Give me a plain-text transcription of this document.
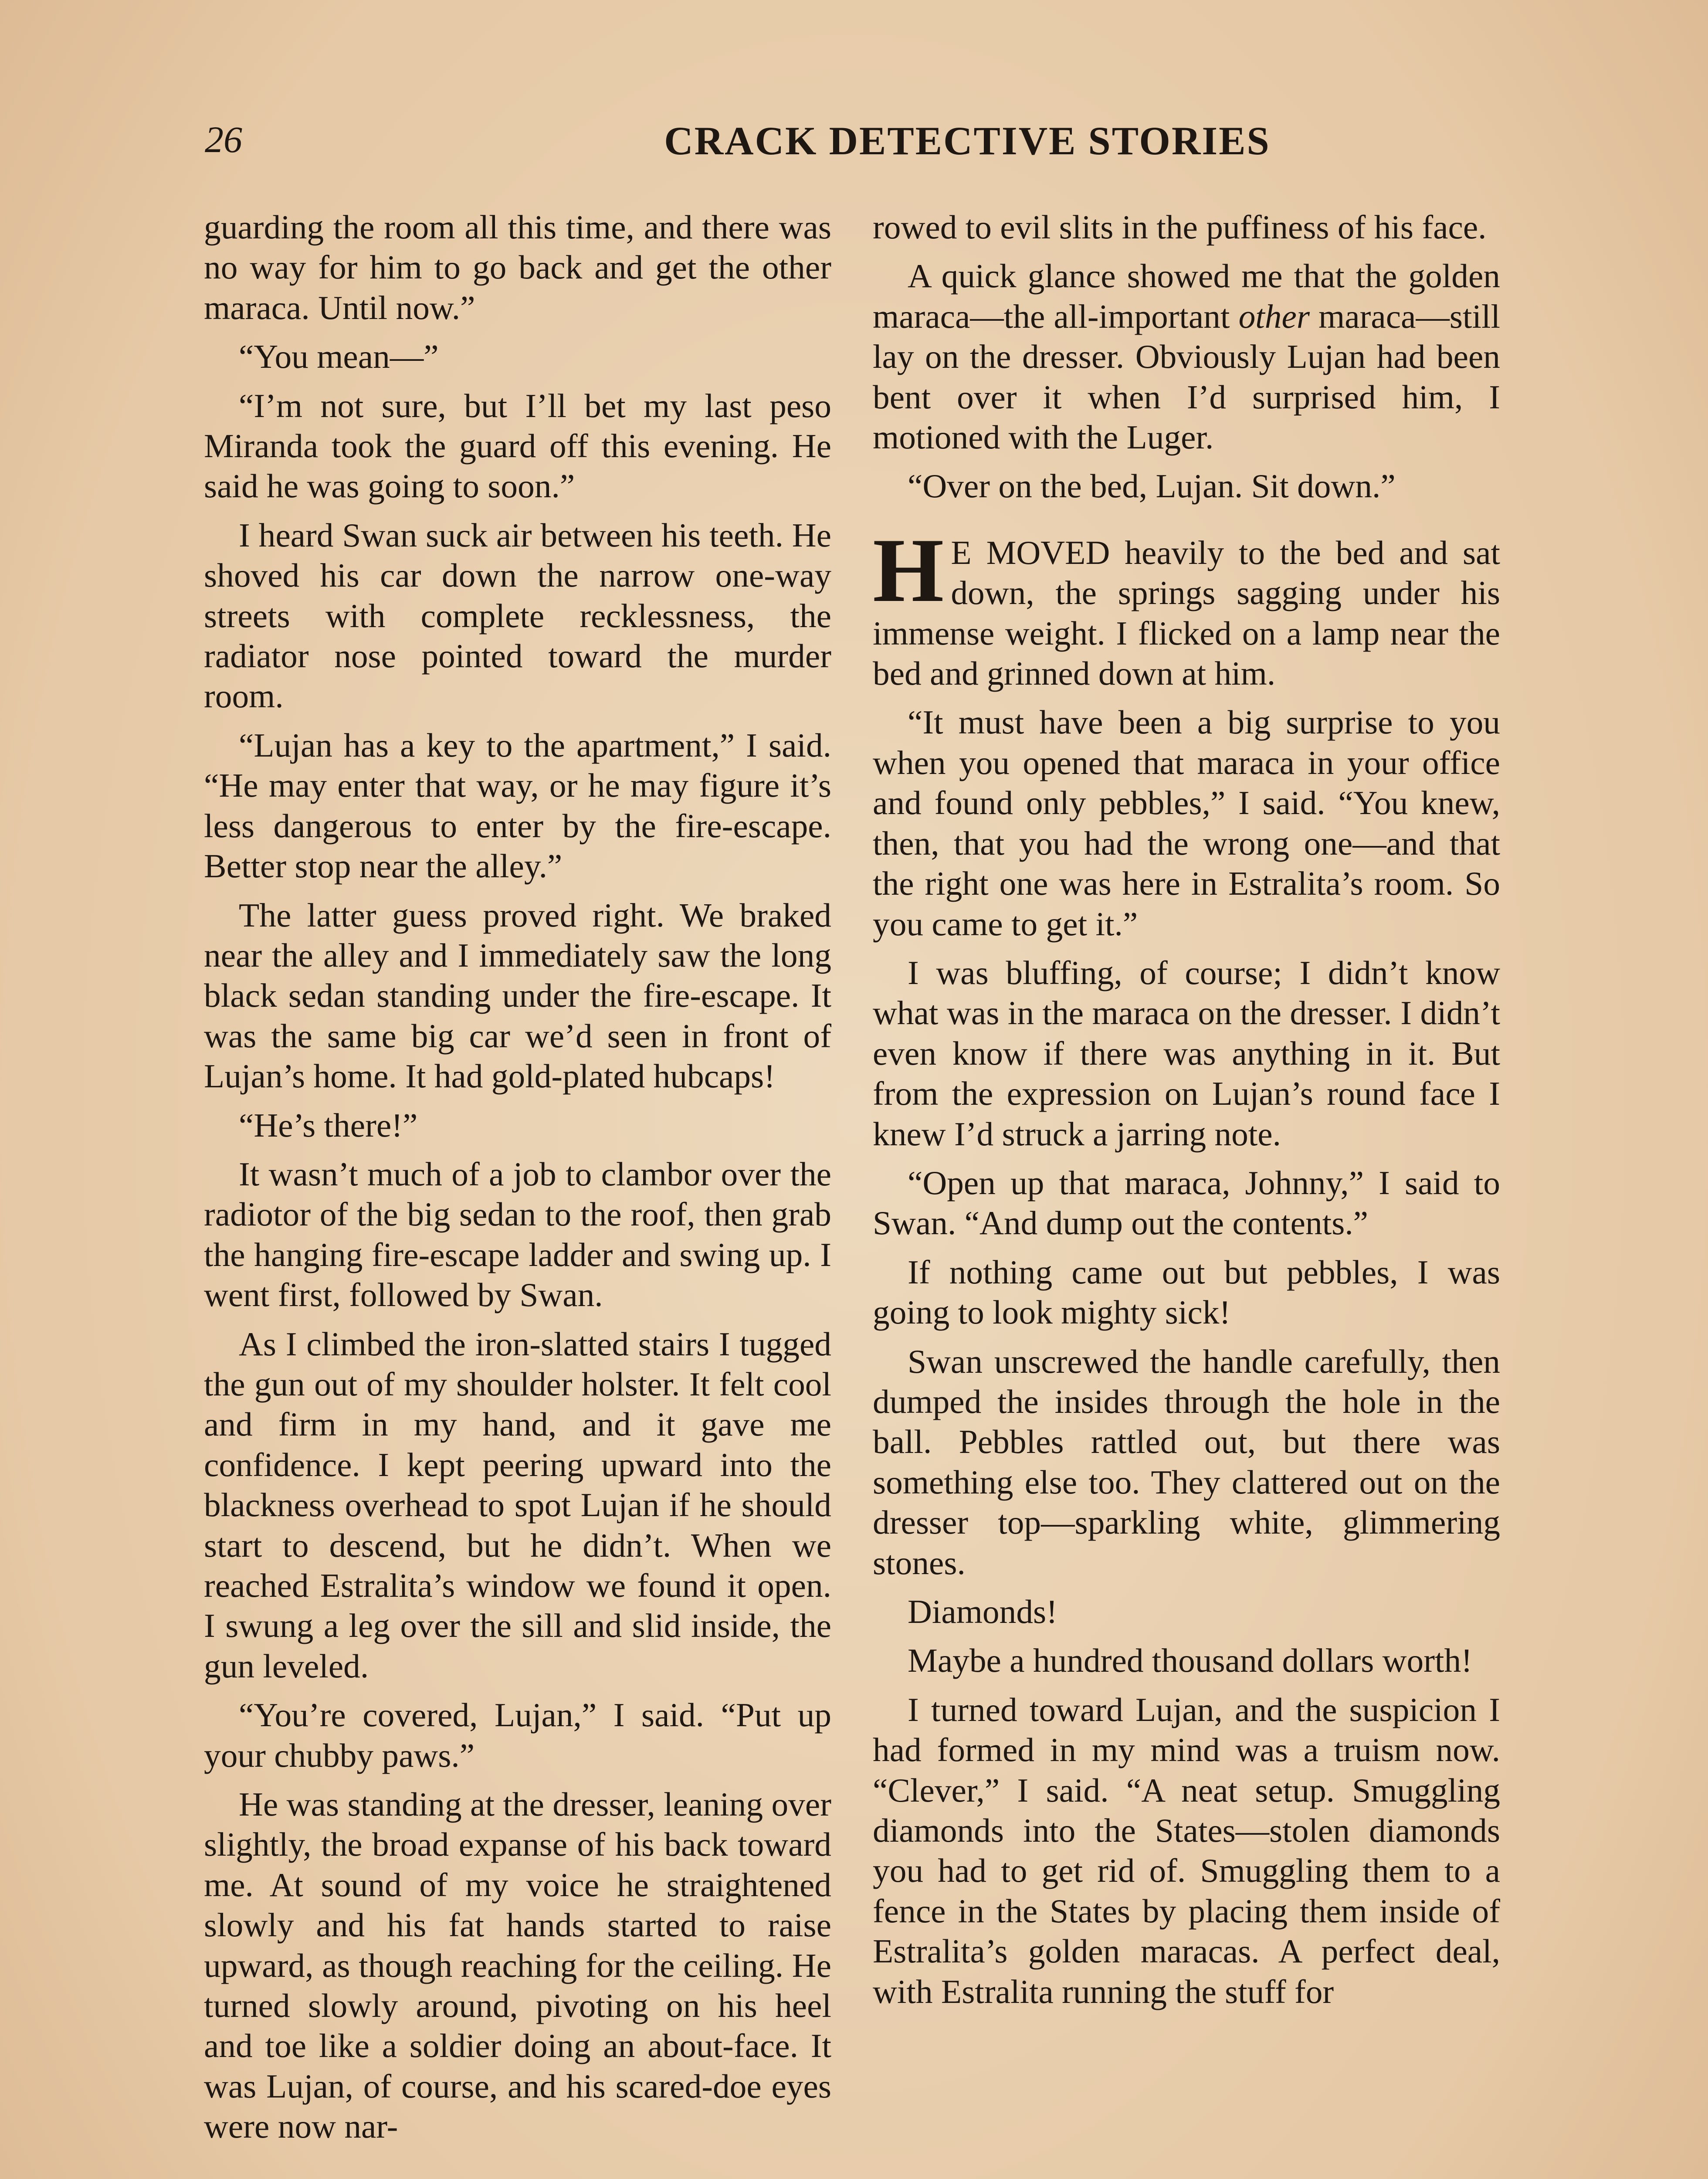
26	CRACK DETECTIVE STORIES

guarding the room all this time, and there was no way for him to go back and get the other maraca. Until now.”

“You mean—”

“I’m not sure, but I’ll bet my last peso Miranda took the guard off this evening. He said he was going to soon.”

I heard Swan suck air between his teeth. He shoved his car down the narrow one-way streets with complete recklessness, the radiator nose pointed toward the murder room.

“Lujan has a key to the apartment,” I said. “He may enter that way, or he may figure it’s less dangerous to enter by the fire-escape. Better stop near the alley.”

The latter guess proved right. We braked near the alley and I immediately saw the long black sedan standing under the fire-escape. It was the same big car we’d seen in front of Lujan’s home. It had gold-plated hubcaps!

“He’s there!”

It wasn’t much of a job to clambor over the radiotor of the big sedan to the roof, then grab the hanging fire-escape ladder and swing up. I went first, followed by Swan.

As I climbed the iron-slatted stairs I tugged the gun out of my shoulder holster. It felt cool and firm in my hand, and it gave me confidence. I kept peering upward into the blackness overhead to spot Lujan if he should start to descend, but he didn’t. When we reached Estralita’s window we found it open. I swung a leg over the sill and slid inside, the gun leveled.

“You’re covered, Lujan,” I said. “Put up your chubby paws.”

He was standing at the dresser, leaning over slightly, the broad expanse of his back toward me. At sound of my voice he straightened slowly and his fat hands started to raise upward, as though reaching for the ceiling. He turned slowly around, pivoting on his heel and toe like a soldier doing an about-face. It was Lujan, of course, and his scared-doe eyes were now nar-

rowed to evil slits in the puffiness of his face.

A quick glance showed me that the golden maraca—the all-important other maraca—still lay on the dresser. Obviously Lujan had been bent over it when I’d surprised him, I motioned with the Luger.

“Over on the bed, Lujan. Sit down.”

H E MOVED heavily to the bed and sat down, the springs sagging under his immense weight. I flicked on a lamp near the bed and grinned down at him.

“It must have been a big surprise to you when you opened that maraca in your office and found only pebbles,” I said. “You knew, then, that you had the wrong one—and that the right one was here in Estralita’s room. So you came to get it.”

I was bluffing, of course; I didn’t know what was in the maraca on the dresser. I didn’t even know if there was anything in it. But from the expression on Lujan’s round face I knew I’d struck a jarring note.

“Open up that maraca, Johnny,” I said to Swan. “And dump out the contents.”

If nothing came out but pebbles, I was going to look mighty sick!

Swan unscrewed the handle carefully, then dumped the insides through the hole in the ball. Pebbles rattled out, but there was something else too. They clattered out on the dresser top—sparkling white, glimmering stones.

Diamonds!

Maybe a hundred thousand dollars worth!

I turned toward Lujan, and the suspicion I had formed in my mind was a truism now. “Clever,” I said. “A neat setup. Smuggling diamonds into the States—stolen diamonds you had to get rid of. Smuggling them to a fence in the States by placing them inside of Estralita’s golden maracas. A perfect deal, with Estralita running the stuff for
